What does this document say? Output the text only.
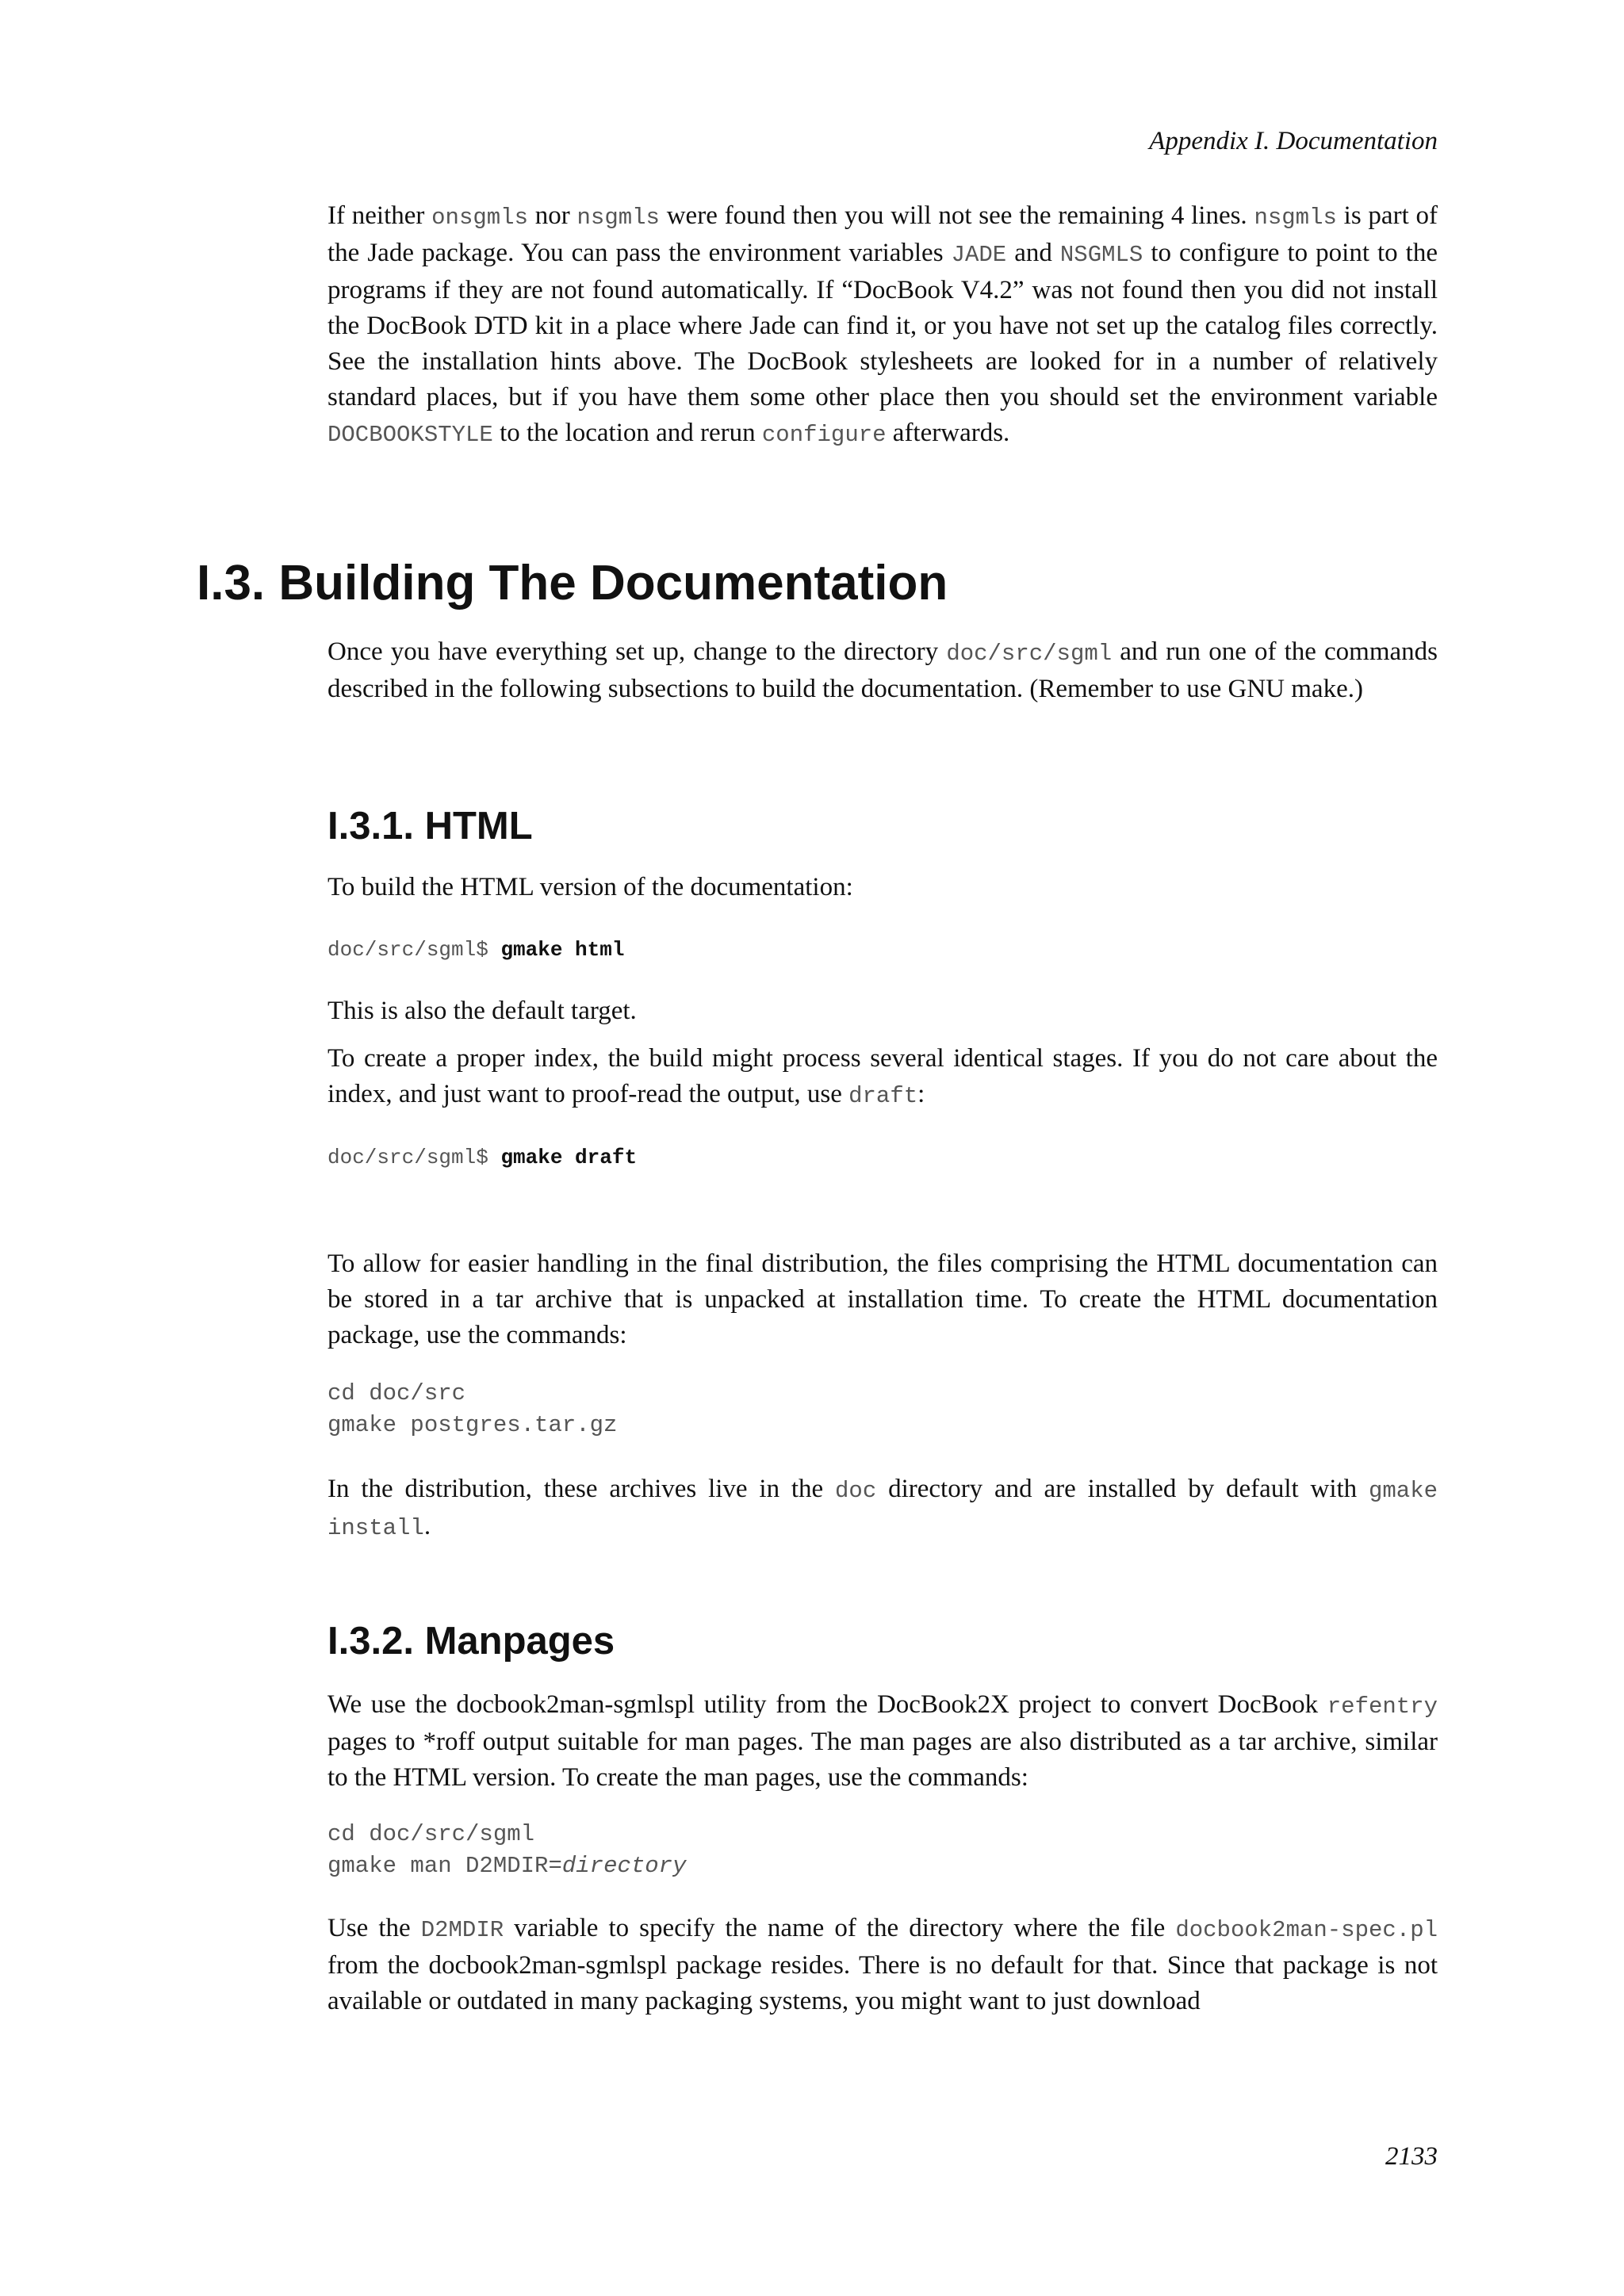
Appendix I. Documentation

If neither onsgmls nor nsgmls were found then you will not see the remaining 4 lines. nsgmls is part of the Jade package. You can pass the environment variables JADE and NSGMLS to configure to point to the programs if they are not found automatically. If “DocBook V4.2” was not found then you did not install the DocBook DTD kit in a place where Jade can find it, or you have not set up the catalog files correctly. See the installation hints above. The DocBook stylesheets are looked for in a number of relatively standard places, but if you have them some other place then you should set the environment variable DOCBOOKSTYLE to the location and rerun configure afterwards.

I.3. Building The Documentation

Once you have everything set up, change to the directory doc/src/sgml and run one of the commands described in the following subsections to build the documentation. (Remember to use GNU make.)

I.3.1. HTML

To build the HTML version of the documentation:

doc/src/sgml$ gmake html

This is also the default target.

To create a proper index, the build might process several identical stages. If you do not care about the index, and just want to proof-read the output, use draft:

doc/src/sgml$ gmake draft

To allow for easier handling in the final distribution, the files comprising the HTML documentation can be stored in a tar archive that is unpacked at installation time. To create the HTML documentation package, use the commands:

cd doc/src
gmake postgres.tar.gz

In the distribution, these archives live in the doc directory and are installed by default with gmake install.

I.3.2. Manpages

We use the docbook2man-sgmlspl utility from the DocBook2X project to convert DocBook refentry pages to *roff output suitable for man pages. The man pages are also distributed as a tar archive, similar to the HTML version. To create the man pages, use the commands:

cd doc/src/sgml
gmake man D2MDIR=directory

Use the D2MDIR variable to specify the name of the directory where the file docbook2man-spec.pl from the docbook2man-sgmlspl package resides. There is no default for that. Since that package is not available or outdated in many packaging systems, you might want to just download

2133
